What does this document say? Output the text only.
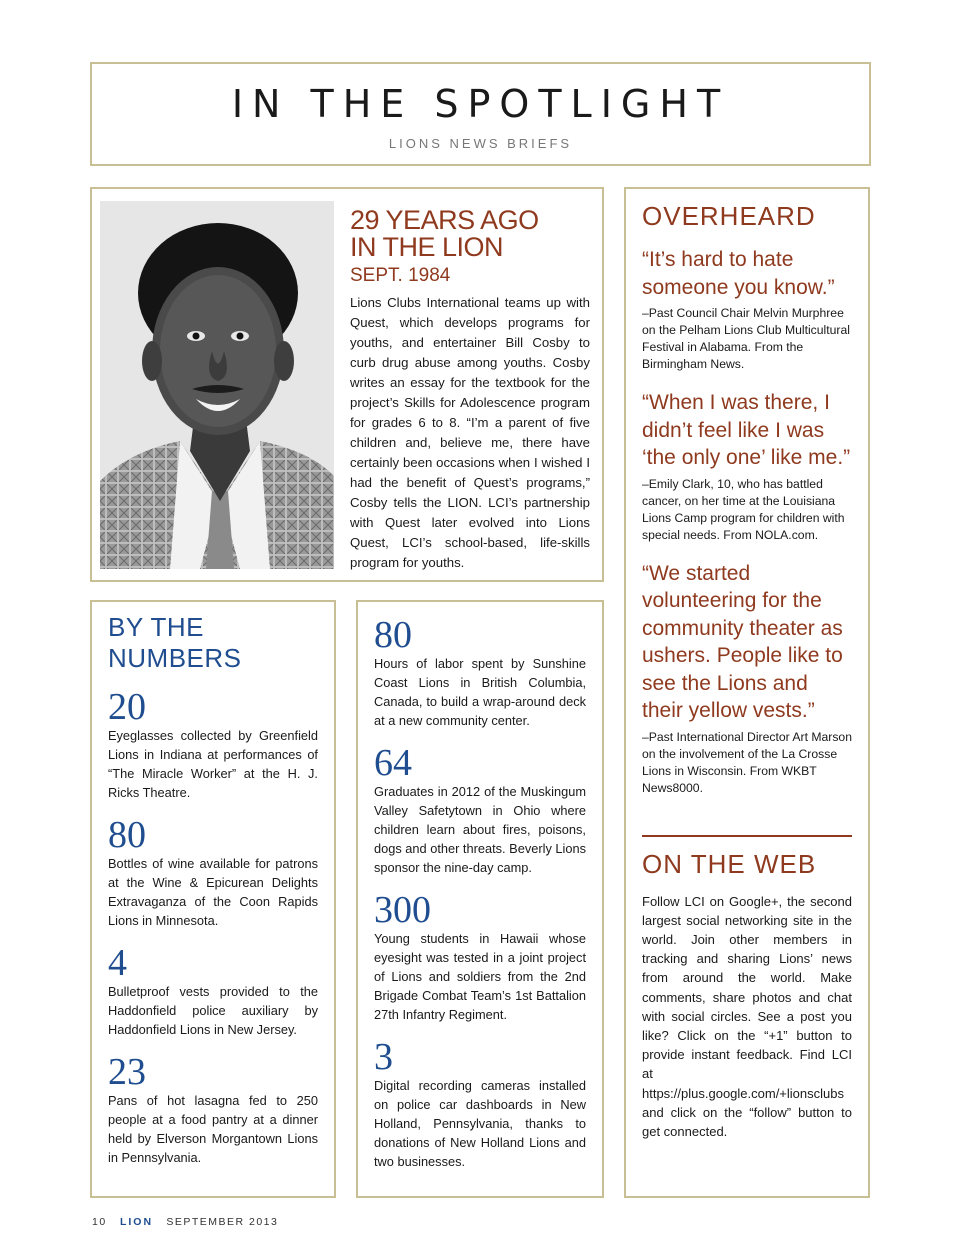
IN THE SPOTLIGHT
LIONS NEWS BRIEFS
29 YEARS AGO
IN THE LION
SEPT. 1984
Lions Clubs International teams up with Quest, which develops programs for youths, and entertainer Bill Cosby to curb drug abuse among youths. Cosby writes an essay for the textbook for the project’s Skills for Adolescence program for grades 6 to 8. “I’m a parent of five children and, believe me, there have certainly been occasions when I wished I had the benefit of Quest’s programs,” Cosby tells the LION. LCI’s partnership with Quest later evolved into Lions Quest, LCI’s school-based, life-skills program for youths.
OVERHEARD
“It’s hard to hate someone you know.”
–Past Council Chair Melvin Murphree on the Pelham Lions Club Multicultural Festival in Alabama. From the Birmingham News.
“When I was there, I didn’t feel like I was ‘the only one’ like me.”
–Emily Clark, 10, who has battled cancer, on her time at the Louisiana Lions Camp program for children with special needs. From NOLA.com.
“We started volunteering for the community theater as ushers. People like to see the Lions and their yellow vests.”
–Past International Director Art Marson on the involvement of the La Crosse Lions in Wisconsin. From WKBT News8000.
ON THE WEB
Follow LCI on Google+, the second largest social networking site in the world. Join other members in tracking and sharing Lions’ news from around the world. Make comments, share photos and chat with social circles. See a post you like? Click on the “+1” button to provide instant feedback. Find LCI at https://plus.google.com/+lionsclubs and click on the “follow” button to get connected.
BY THE NUMBERS
20
Eyeglasses collected by Greenfield Lions in Indiana at performances of “The Miracle Worker” at the H. J. Ricks Theatre.
80
Bottles of wine available for patrons at the Wine & Epicurean Delights Extravaganza of the Coon Rapids Lions in Minnesota.
4
Bulletproof vests provided to the Haddonfield police auxiliary by Haddonfield Lions in New Jersey.
23
Pans of hot lasagna fed to 250 people at a food pantry at a dinner held by Elverson Morgantown Lions in Pennsylvania.
80
Hours of labor spent by Sunshine Coast Lions in British Columbia, Canada, to build a wrap-around deck at a new community center.
64
Graduates in 2012 of the Muskingum Valley Safetytown in Ohio where children learn about fires, poisons, dogs and other threats. Beverly Lions sponsor the nine-day camp.
300
Young students in Hawaii whose eyesight was tested in a joint project of Lions and soldiers from the 2nd Brigade Combat Team’s 1st Battalion 27th Infantry Regiment.
3
Digital recording cameras installed on police car dashboards in New Holland, Pennsylvania, thanks to donations of New Holland Lions and two businesses.
10 LION SEPTEMBER 2013
